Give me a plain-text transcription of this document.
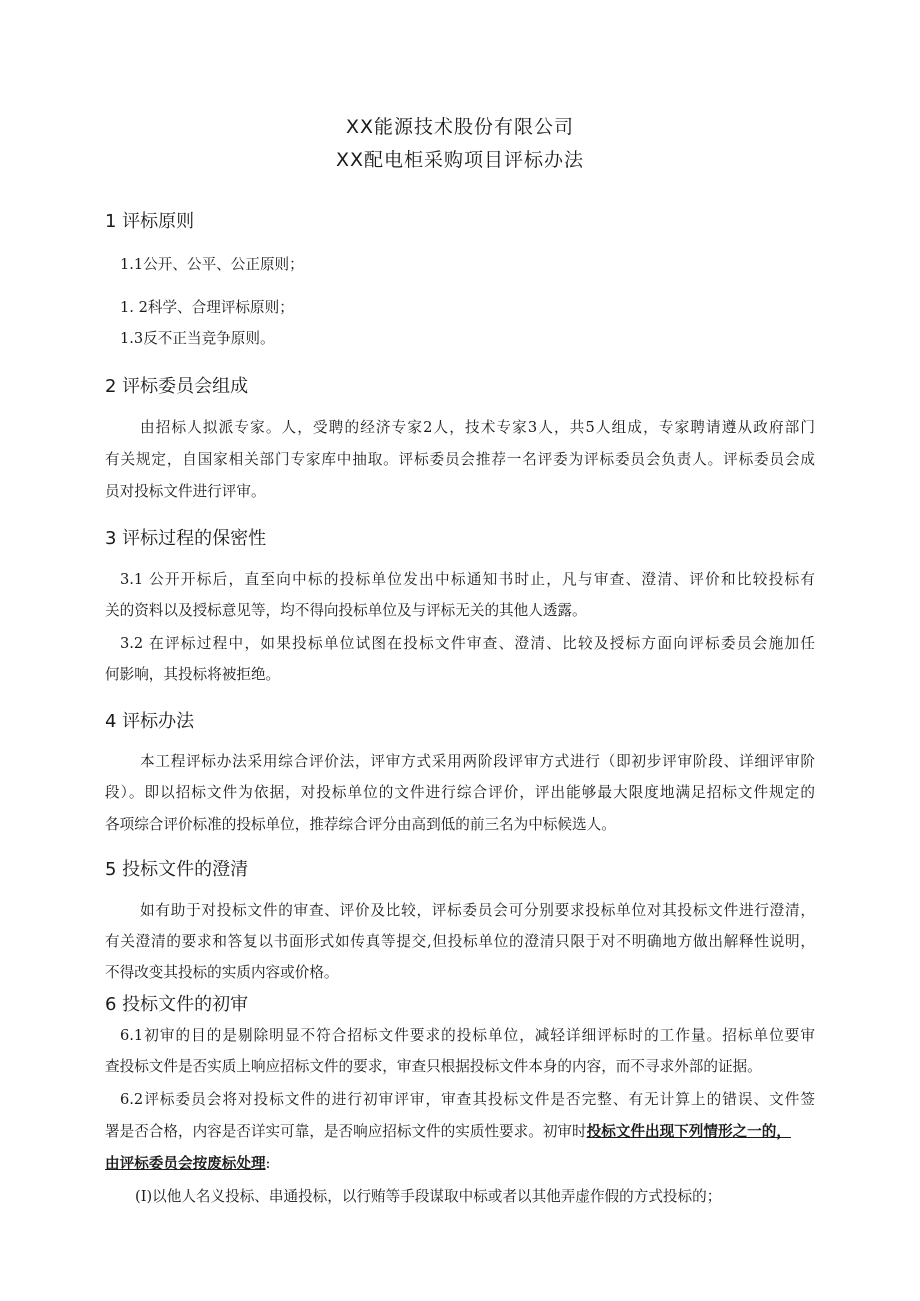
XX能源技术股份有限公司
XX配电柜采购项目评标办法
1 评标原则
1.1公开、公平、公正原则；
1. 2科学、合理评标原则；
1.3反不正当竞争原则。
2 评标委员会组成
由招标人拟派专家。人，受聘的经济专家2人，技术专家3人，共5人组成，专家聘请遵从政府部门
有关规定，自国家相关部门专家库中抽取。评标委员会推荐一名评委为评标委员会负责人。评标委员会成
员对投标文件进行评审。
3 评标过程的保密性
3.1 公开开标后，直至向中标的投标单位发出中标通知书时止，凡与审查、澄清、评价和比较投标有
关的资料以及授标意见等，均不得向投标单位及与评标无关的其他人透露。
3.2 在评标过程中，如果投标单位试图在投标文件审查、澄清、比较及授标方面向评标委员会施加任
何影响，其投标将被拒绝。
4 评标办法
本工程评标办法采用综合评价法，评审方式采用两阶段评审方式进行（即初步评审阶段、详细评审阶
段）。即以招标文件为依据，对投标单位的文件进行综合评价，评出能够最大限度地满足招标文件规定的
各项综合评价标准的投标单位，推荐综合评分由高到低的前三名为中标候选人。
5 投标文件的澄清
如有助于对投标文件的审查、评价及比较，评标委员会可分别要求投标单位对其投标文件进行澄清，
有关澄清的要求和答复以书面形式如传真等提交,但投标单位的澄清只限于对不明确地方做出解释性说明，
不得改变其投标的实质内容或价格。
6 投标文件的初审
6.1初审的目的是剔除明显不符合招标文件要求的投标单位，减轻详细评标时的工作量。招标单位要审
查投标文件是否实质上响应招标文件的要求，审查只根据投标文件本身的内容，而不寻求外部的证据。
6.2评标委员会将对投标文件的进行初审评审，审查其投标文件是否完整、有无计算上的错误、文件签
署是否合格，内容是否详实可靠，是否响应招标文件的实质性要求。初审时投标文件出现下列情形之一的，
由评标委员会按废标处理:
(I)以他人名义投标、串通投标，以行贿等手段谋取中标或者以其他弄虚作假的方式投标的；
